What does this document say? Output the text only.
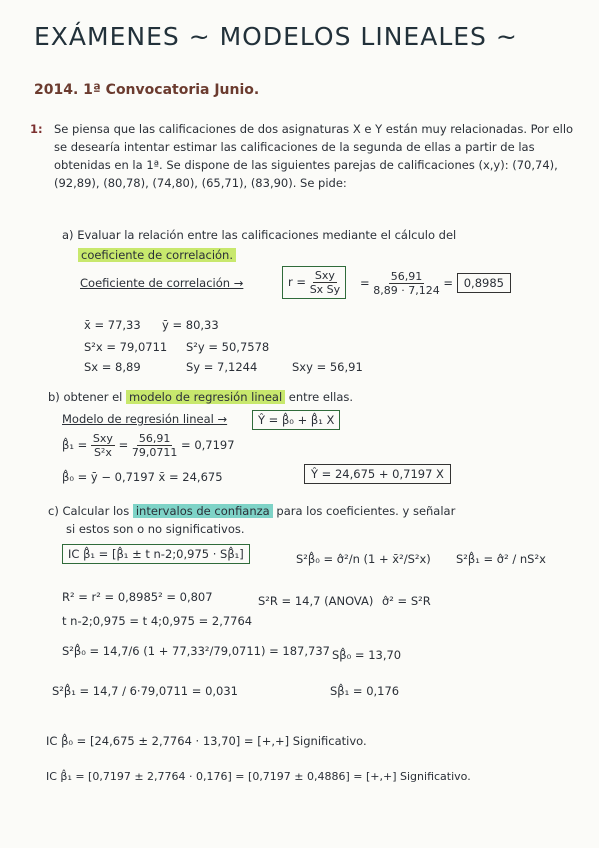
EXÁMENES ~ MODELOS LINEALES ~
2014. 1ª Convocatoria Junio.
1: Se piensa que las calificaciones de dos asignaturas X e Y están muy relacionadas. Por ello se desearía intentar estimar las calificaciones de la segunda de ellas a partir de las obtenidas en la 1ª. Se dispone de las siguientes parejas de calificaciones (x,y): (70,74), (92,89), (80,78), (74,80), (65,71), (83,90). Se pide:
a) Evaluar la relación entre las calificaciones mediante el cálculo del
coeficiente de correlación.
Coeficiente de correlación →	$r = \frac{\text{Sxy}}{\text{Sx Sy}} = \frac{56,91}{8,89 \cdot 7,124} = 0,8985$
x̄ = 77,33 ȳ = 80,33
S²x = 79,0711 S²y = 50,7578
Sx = 8,89	Sy = 7,1244	Sxy = 56,91
b) obtener el modelo de regresión lineal entre ellas.
Modelo de regresión lineal →	Ŷ = β̂₀ + β̂₁ X
β̂₁ = $\frac{\text{Sxy}}{\text{S²x}} = \frac{56,91}{79,0711} = 0,7197$
β̂₀ = ȳ − 0,7197 x̄ = 24,675	Ŷ = 24,675 + 0,7197 X
c) Calcular los intervalos de confianza para los coeficientes. y señalar
si estos son o no significativos.
IC β̂₁ = [β̂₁ ± t n-2;0,975 · Sβ̂₁]	S²β̂₀ = σ̂²/n (1 + x̄²/S²x) S²β̂₁ = σ̂² / nS²x
R² = r² = 0,8985² = 0,807	S²R = 14,7 (ANOVA) σ̂² = S²R
t n-2;0,975 = t 4;0,975 = 2,7764
S²β̂₀ = 14,7/6 (1 + 77,33²/79,0711) = 187,737 Sβ̂₀ = 13,70
S²β̂₁ = 14,7 / 6·79,0711 = 0,031	Sβ̂₁ = 0,176
IC β̂₀ = [24,675 ± 2,7764 · 13,70] = [+,+] Significativo.
IC β̂₁ = [0,7197 ± 2,7764 · 0,176] = [0,7197 ± 0,4886] = [+,+] Significativo.
